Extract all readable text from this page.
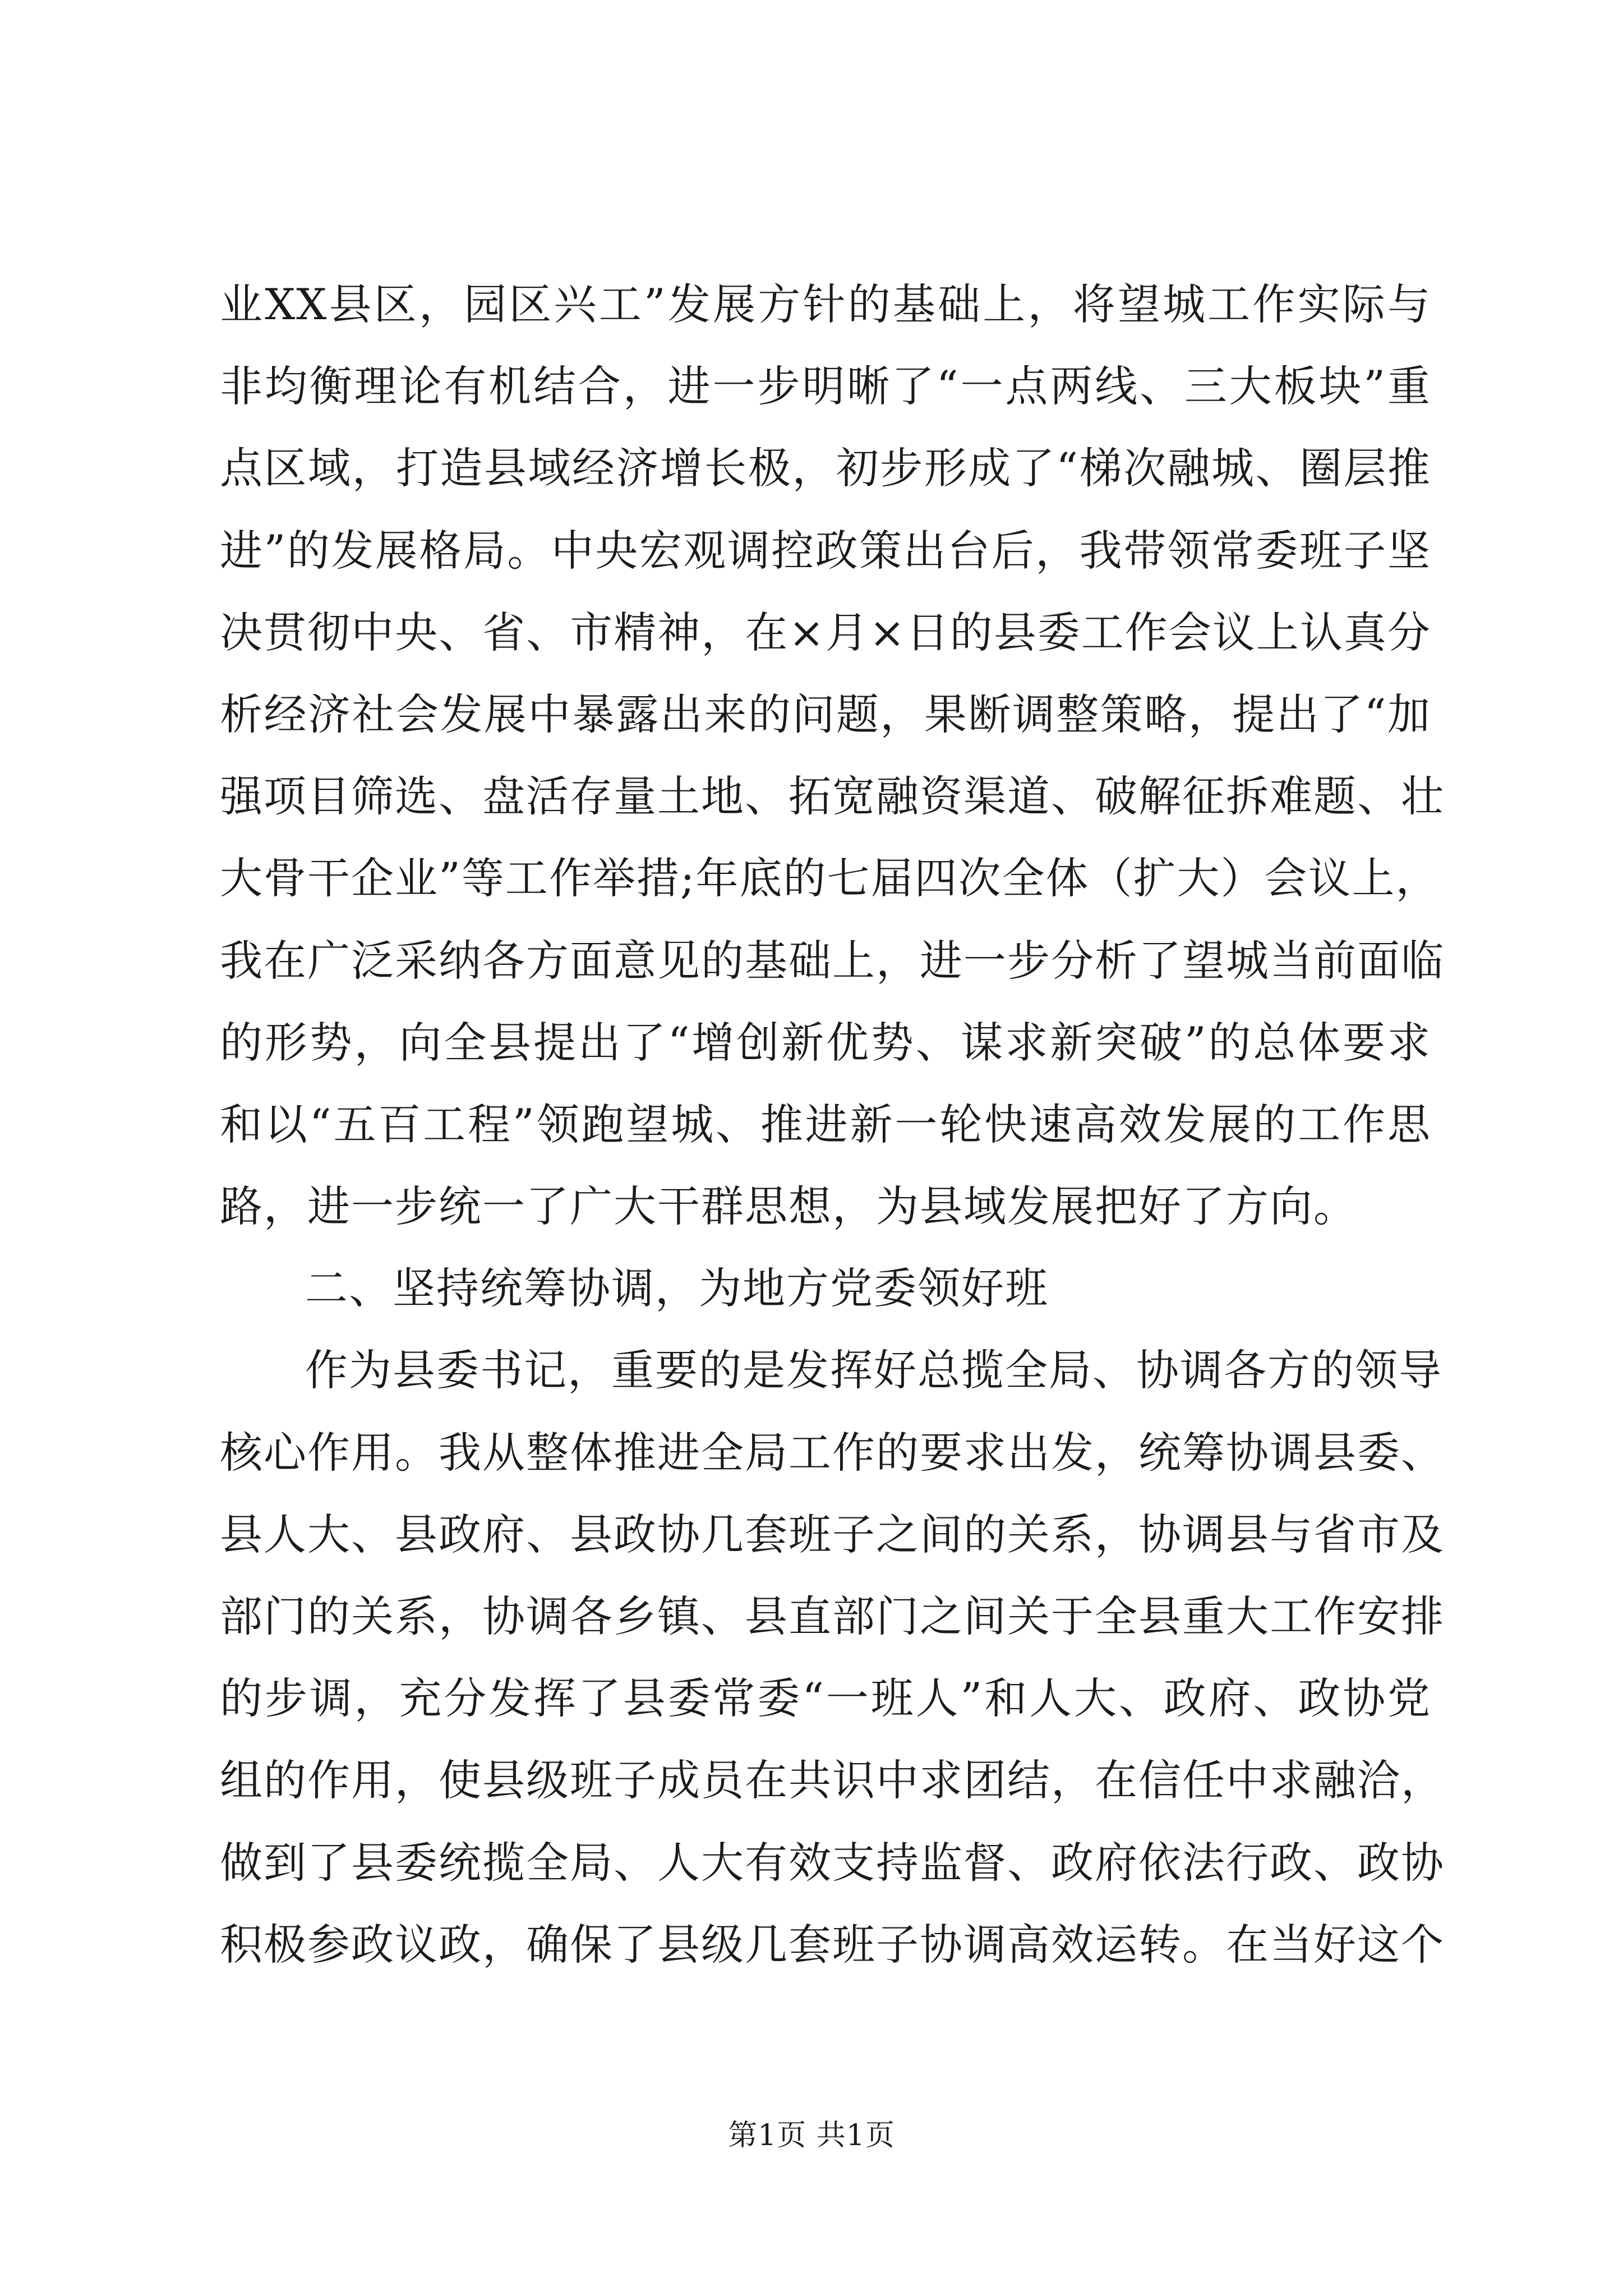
业XX县区，园区兴工”发展方针的基础上，将望城工作实际与
非均衡理论有机结合，进一步明晰了“一点两线、三大板块”重
点区域，打造县域经济增长极，初步形成了“梯次融城、圈层推
进”的发展格局。中央宏观调控政策出台后，我带领常委班子坚
决贯彻中央、省、市精神，在×月×日的县委工作会议上认真分
析经济社会发展中暴露出来的问题，果断调整策略，提出了“加
强项目筛选、盘活存量土地、拓宽融资渠道、破解征拆难题、壮
大骨干企业”等工作举措;年底的七届四次全体（扩大）会议上，
我在广泛采纳各方面意见的基础上，进一步分析了望城当前面临
的形势，向全县提出了“增创新优势、谋求新突破”的总体要求
和以“五百工程”领跑望城、推进新一轮快速高效发展的工作思
路，进一步统一了广大干群思想，为县域发展把好了方向。
二、坚持统筹协调，为地方党委领好班
作为县委书记，重要的是发挥好总揽全局、协调各方的领导
核心作用。我从整体推进全局工作的要求出发，统筹协调县委、
县人大、县政府、县政协几套班子之间的关系，协调县与省市及
部门的关系，协调各乡镇、县直部门之间关于全县重大工作安排
的步调，充分发挥了县委常委“一班人”和人大、政府、政协党
组的作用，使县级班子成员在共识中求团结，在信任中求融洽，
做到了县委统揽全局、人大有效支持监督、政府依法行政、政协
积极参政议政，确保了县级几套班子协调高效运转。在当好这个
第1页 共1页
